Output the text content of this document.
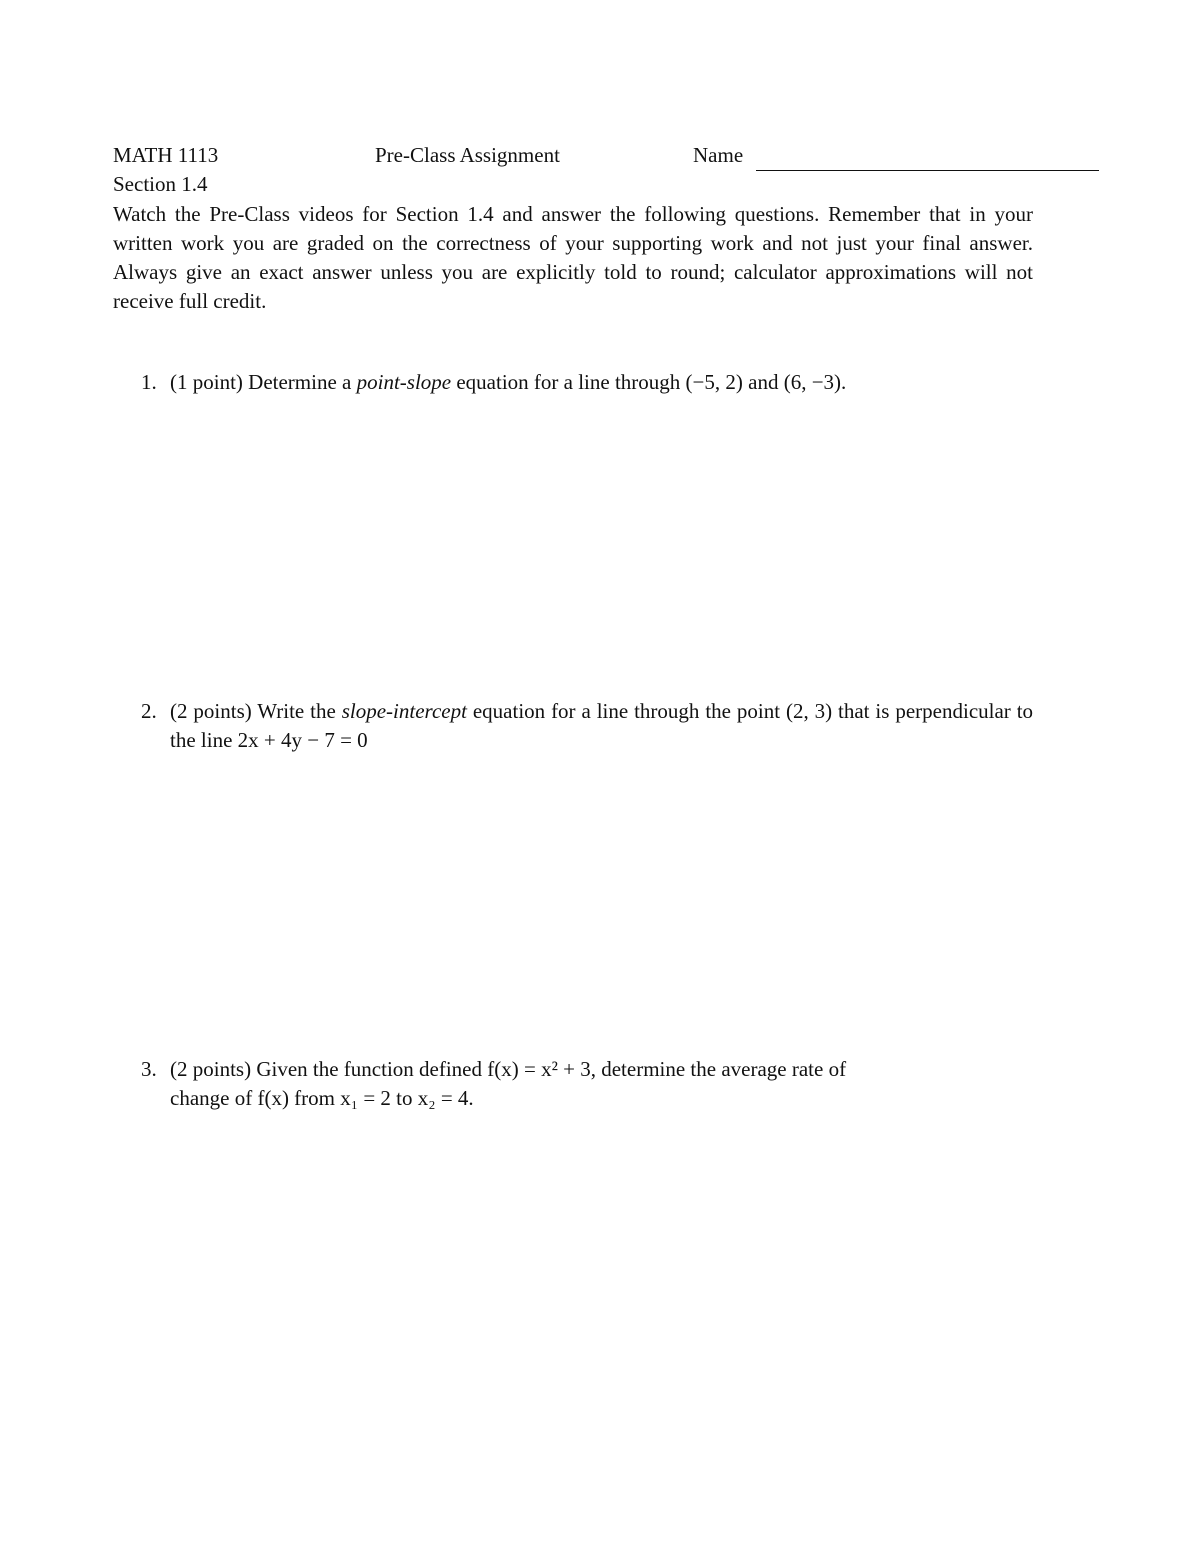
MATH 1113	Pre-Class Assignment	Name
Section 1.4
Watch the Pre-Class videos for Section 1.4 and answer the following questions. Remember that in your written work you are graded on the correctness of your supporting work and not just your final answer. Always give an exact answer unless you are explicitly told to round; calculator approximations will not receive full credit.
1. (1 point) Determine a point-slope equation for a line through (−5, 2) and (6, −3).
2. (2 points) Write the slope-intercept equation for a line through the point (2, 3) that is perpendicular to the line 2x + 4y − 7 = 0
3. (2 points) Given the function defined f(x) = x² + 3, determine the average rate of
change of f(x) from x₁ = 2 to x₂ = 4.
